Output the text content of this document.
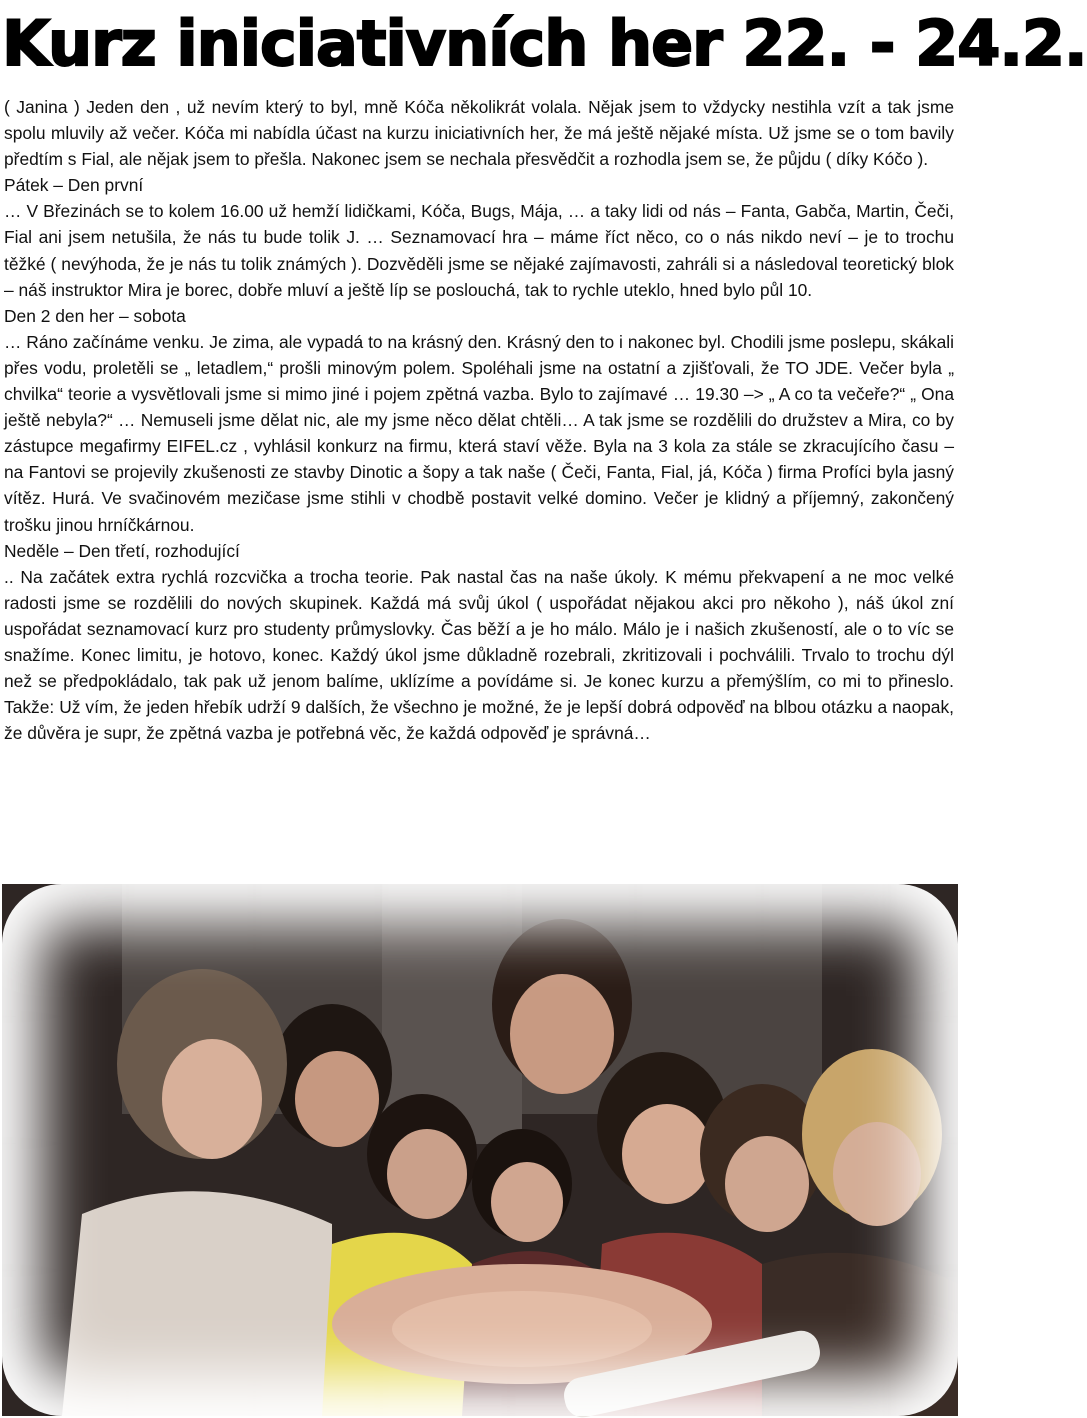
Kurz iniciativních her 22. - 24.2.

( Janina ) Jeden den , už nevím který to byl, mně Kóča několikrát volala. Nějak jsem to vždycky nestihla vzít a tak jsme spolu mluvily až večer. Kóča mi nabídla účast na kurzu iniciativních her, že má ještě nějaké místa. Už jsme se o tom bavily předtím s Fial, ale nějak jsem to přešla. Nakonec jsem se nechala přesvědčit a rozhodla jsem se, že půjdu ( díky Kóčo ).

Pátek – Den první

… V Březinách se to kolem 16.00 už hemží lidičkami, Kóča, Bugs, Mája, … a taky lidi od nás – Fanta, Gabča, Martin, Čeči, Fial ani jsem netušila, že nás tu bude tolik J. … Seznamovací hra – máme říct něco, co o nás nikdo neví – je to trochu těžké ( nevýhoda, že je nás tu tolik známých ). Dozvěděli jsme se nějaké zajímavosti, zahráli si a následoval teoretický blok – náš instruktor Mira je borec, dobře mluví a ještě líp se poslouchá, tak to rychle uteklo, hned bylo půl 10.

Den 2 den her – sobota

… Ráno začínáme venku. Je zima, ale vypadá to na krásný den. Krásný den to i nakonec byl. Chodili jsme poslepu, skákali přes vodu, proletěli se „ letadlem,“ prošli minovým polem. Spoléhali jsme na ostatní a zjišťovali, že TO JDE. Večer byla „ chvilka“ teorie a vysvětlovali jsme si mimo jiné i pojem zpětná vazba. Bylo to zajímavé … 19.30 –> „ A co ta večeře?“ „ Ona ještě nebyla?“ … Nemuseli jsme dělat nic, ale my jsme něco dělat chtěli… A tak jsme se rozdělili do družstev a Mira, co by zástupce megafirmy EIFEL.cz , vyhlásil konkurz na firmu, která staví věže. Byla na 3 kola za stále se zkracujícího času – na Fantovi se projevily zkušenosti ze stavby Dinotic a šopy a tak naše ( Čeči, Fanta, Fial, já, Kóča ) firma Profíci byla jasný vítěz. Hurá. Ve svačinovém mezičase jsme stihli v chodbě postavit velké domino. Večer je klidný a příjemný, zakončený trošku jinou hrníčkárnou.

Neděle – Den třetí, rozhodující

.. Na začátek extra rychlá rozcvička a trocha teorie. Pak nastal čas na naše úkoly. K mému překvapení a ne moc velké radosti jsme se rozdělili do nových skupinek. Každá má svůj úkol ( uspořádat nějakou akci pro někoho ), náš úkol zní uspořádat seznamovací kurz pro studenty průmyslovky. Čas běží a je ho málo. Málo je i našich zkušeností, ale o to víc se snažíme. Konec limitu, je hotovo, konec. Každý úkol jsme důkladně rozebrali, zkritizovali i pochválili. Trvalo to trochu dýl než se předpokládalo, tak pak už jenom balíme, uklízíme a povídáme si. Je konec kurzu a přemýšlím, co mi to přineslo. Takže: Už vím, že jeden hřebík udrží 9 dalších, že všechno je možné, že je lepší dobrá odpověď na blbou otázku a naopak, že důvěra je supr, že zpětná vazba je potřebná věc, že každá odpověď je správná…
